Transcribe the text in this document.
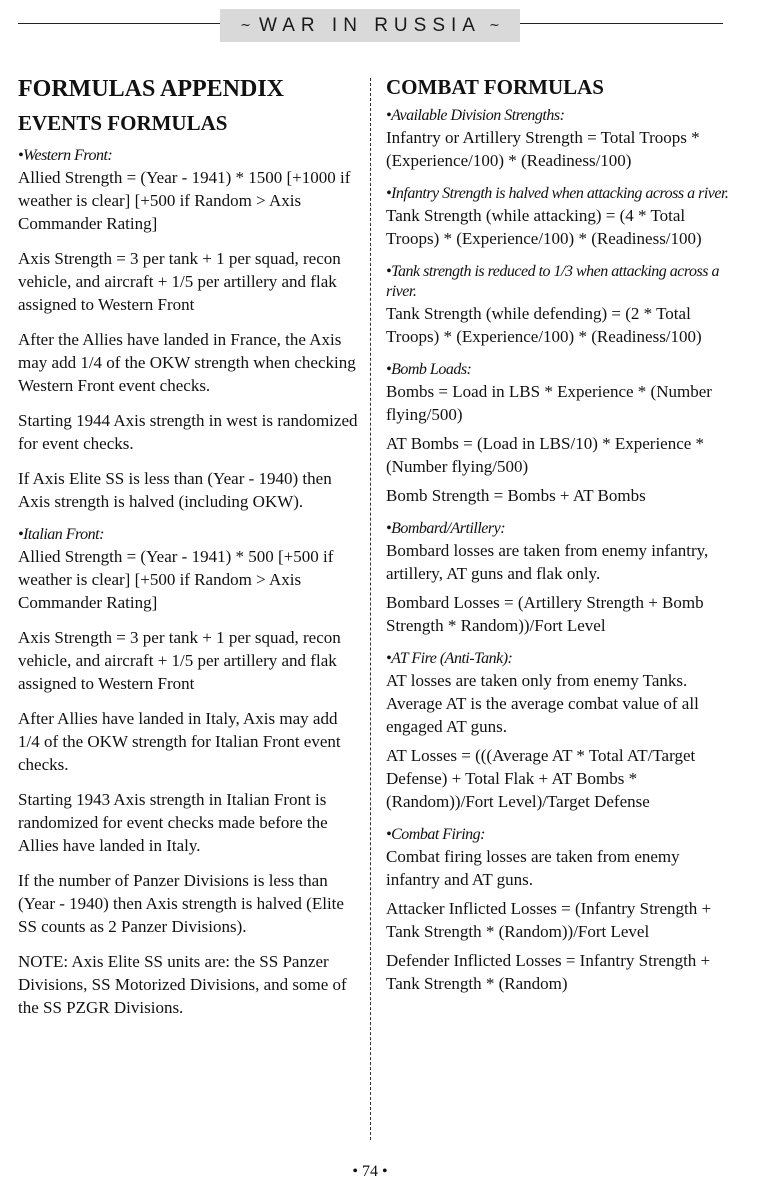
~ WAR IN RUSSIA ~
FORMULAS APPENDIX
EVENTS FORMULAS

•Western Front:

Allied Strength = (Year - 1941) * 1500 [+1000 if weather is clear] [+500 if Random > Axis Commander Rating]

Axis Strength = 3 per tank + 1 per squad, recon vehicle, and aircraft + 1/5 per artillery and flak assigned to Western Front

After the Allies have landed in France, the Axis may add 1/4 of the OKW strength when checking Western Front event checks.

Starting 1944 Axis strength in west is randomized for event checks.

If Axis Elite SS is less than (Year - 1940) then Axis strength is halved (including OKW).

•Italian Front:

Allied Strength = (Year - 1941) * 500 [+500 if weather is clear] [+500 if Random > Axis Commander Rating]

Axis Strength = 3 per tank + 1 per squad, recon vehicle, and aircraft + 1/5 per artillery and flak assigned to Western Front

After Allies have landed in Italy, Axis may add 1/4 of the OKW strength for Italian Front event checks.

Starting 1943 Axis strength in Italian Front is randomized for event checks made before the Allies have landed in Italy.

If the number of Panzer Divisions is less than (Year - 1940) then Axis strength is halved (Elite SS counts as 2 Panzer Divisions).

NOTE: Axis Elite SS units are: the SS Panzer Divisions, SS Motorized Divisions, and some of the SS PZGR Divisions.

COMBAT FORMULAS

•Available Division Strengths:

Infantry or Artillery Strength = Total Troops * (Experience/100) * (Readiness/100)

•Infantry Strength is halved when attacking across a river.

Tank Strength (while attacking) = (4 * Total Troops) * (Experience/100) * (Readiness/100)

•Tank strength is reduced to 1/3 when attacking across a river.

Tank Strength (while defending) = (2 * Total Troops) * (Experience/100) * (Readiness/100)

•Bomb Loads:

Bombs = Load in LBS * Experience * (Number flying/500)

AT Bombs = (Load in LBS/10) * Experience * (Number flying/500)

Bomb Strength = Bombs + AT Bombs

•Bombard/Artillery:

Bombard losses are taken from enemy infantry, artillery, AT guns and flak only.

Bombard Losses = (Artillery Strength + Bomb Strength * Random))/Fort Level

•AT Fire (Anti-Tank):

AT losses are taken only from enemy Tanks. Average AT is the average combat value of all engaged AT guns.

AT Losses = (((Average AT * Total AT/Target Defense) + Total Flak + AT Bombs * (Random))/Fort Level)/Target Defense

•Combat Firing:

Combat firing losses are taken from enemy infantry and AT guns.

Attacker Inflicted Losses = (Infantry Strength + Tank Strength * (Random))/Fort Level

Defender Inflicted Losses = Infantry Strength + Tank Strength * (Random)

• 74 •
